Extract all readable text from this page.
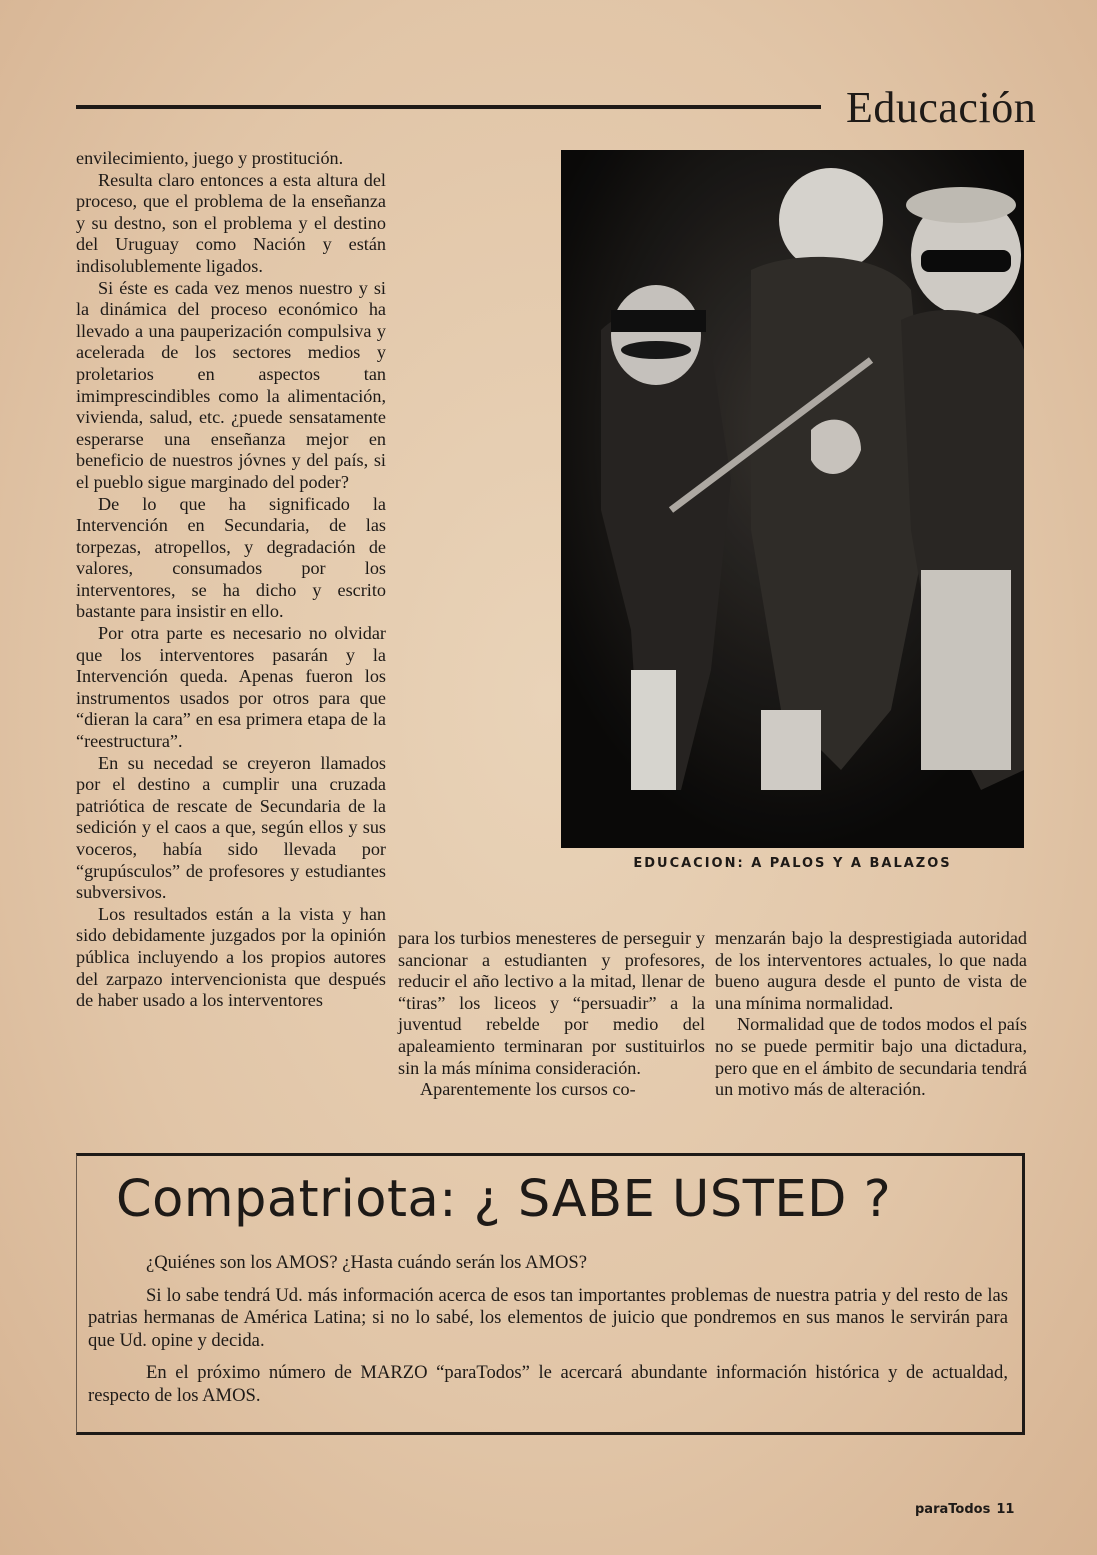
Educación

envilecimiento, juego y prostitución.

Resulta claro entonces a esta altura del proceso, que el problema de la enseñanza y su destno, son el problema y el destino del Uruguay como Nación y están indisolublemente ligados.

Si éste es cada vez menos nuestro y si la dinámica del proceso económico ha llevado a una pauperización compulsiva y acelerada de los sectores medios y proletarios en aspectos tan imimprescindibles como la alimentación, vivienda, salud, etc. ¿puede sensatamente esperarse una enseñanza mejor en beneficio de nuestros jóvnes y del país, si el pueblo sigue marginado del poder?

De lo que ha significado la Intervención en Secundaria, de las torpezas, atropellos, y degradación de valores, consumados por los interventores, se ha dicho y escrito bastante para insistir en ello.

Por otra parte es necesario no olvidar que los interventores pasarán y la Intervención queda. Apenas fueron los instrumentos usados por otros para que “dieran la cara” en esa primera etapa de la “reestructura”.

En su necedad se creyeron llamados por el destino a cumplir una cruzada patriótica de rescate de Secundaria de la sedición y el caos a que, según ellos y sus voceros, había sido llevada por “grupúsculos” de profesores y estudiantes subversivos.

Los resultados están a la vista y han sido debidamente juzgados por la opinión pública incluyendo a los propios autores del zarpazo intervencionista que después de haber usado a los interventores

EDUCACION: A PALOS Y A BALAZOS

para los turbios menesteres de perseguir y sancionar a estudianten y profesores, reducir el año lectivo a la mitad, llenar de “tiras” los liceos y “persuadir” a la juventud rebelde por medio del apaleamiento terminaran por sustituirlos sin la más mínima consideración.

Aparentemente los cursos co-

menzarán bajo la desprestigiada autoridad de los interventores actuales, lo que nada bueno augura desde el punto de vista de una mínima normalidad.

Normalidad que de todos modos el país no se puede permitir bajo una dictadura, pero que en el ámbito de secundaria tendrá un motivo más de alteración.

Compatriota: ¿ SABE USTED ?

¿Quiénes son los AMOS? ¿Hasta cuándo serán los AMOS?

Si lo sabe tendrá Ud. más información acerca de esos tan importantes problemas de nuestra patria y del resto de las patrias hermanas de América Latina; si no lo sabé, los elementos de juicio que pondremos en sus manos le servirán para que Ud. opine y decida.

En el próximo número de MARZO “paraTodos” le acercará abundante información histórica y de actualdad, respecto de los AMOS.

paraTodos 11
